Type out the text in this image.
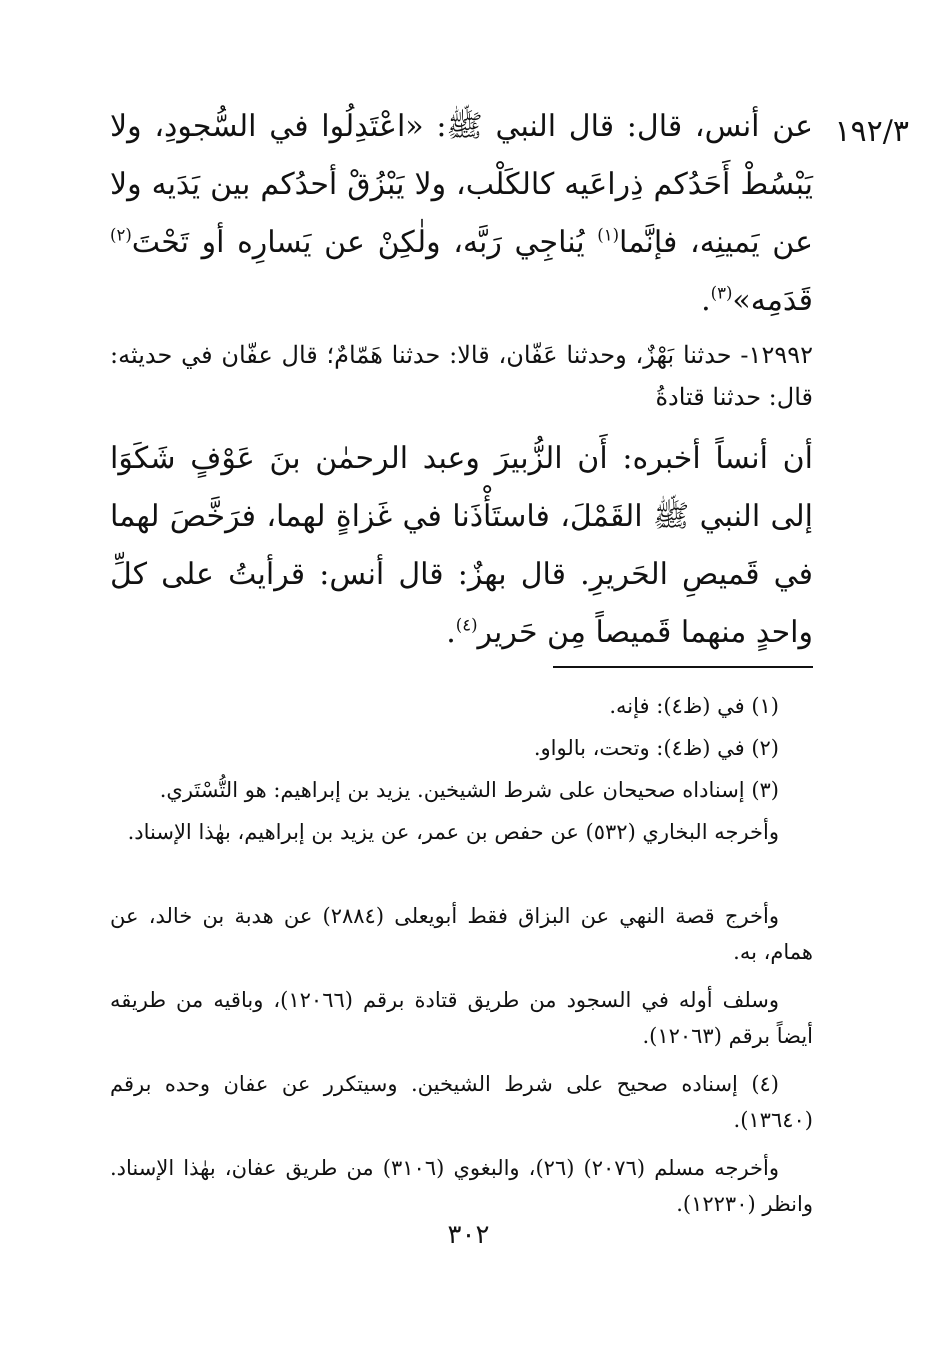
١٩٢/٣
عن أنس، قال: قال النبي ﷺ: «اعْتَدِلُوا في السُّجودِ، ولا يَبْسُطْ أَحَدُكم ذِراعَيه كالكَلْب، ولا يَبْزُقْ أحدُكم بين يَدَيه ولا عن يَمينِه، فإنَّما$^{(١)}$ يُناجِي رَبَّه، ولٰكِنْ عن يَسارِه أو تَحْتَ$^{(٢)}$ قَدَمِه»$^{(٣)}$.
١٢٩٩٢- حدثنا بَهْزٌ، وحدثنا عَفّان، قالا: حدثنا هَمّامٌ؛ قال عفّان في حديثه: قال: حدثنا قتادةُ
أن أنساً أخبره: أَن الزُّبيرَ وعبد الرحمٰن بنَ عَوْفٍ شَكَوَا إلى النبي ﷺ القَمْلَ، فاستَأْذَنا في غَزاةٍ لهما، فرَخَّصَ لهما في قَميصِ الحَريرِ. قال بهزٌ: قال أنس: قرأيتُ على كلِّ واحدٍ منهما قَميصاً مِن حَرير$^{(٤)}$.
(١) في (ظ٤): فإنه.
(٢) في (ظ٤): وتحت، بالواو.
(٣) إسناداه صحيحان على شرط الشيخين. يزيد بن إبراهيم: هو التُّسْتَري.
وأخرجه البخاري (٥٣٢) عن حفص بن عمر، عن يزيد بن إبراهيم، بهٰذا الإسناد.
وأخرج قصة النهي عن البزاق فقط أبويعلى (٢٨٨٤) عن هدبة بن خالد، عن همام، به.
وسلف أوله في السجود من طريق قتادة برقم (١٢٠٦٦)، وباقيه من طريقه أيضاً برقم (١٢٠٦٣).
(٤) إسناده صحيح على شرط الشيخين. وسيتكرر عن عفان وحده برقم (١٣٦٤٠).
وأخرجه مسلم (٢٠٧٦) (٢٦)، والبغوي (٣١٠٦) من طريق عفان، بهٰذا الإسناد. وانظر (١٢٢٣٠).
٣٠٢
